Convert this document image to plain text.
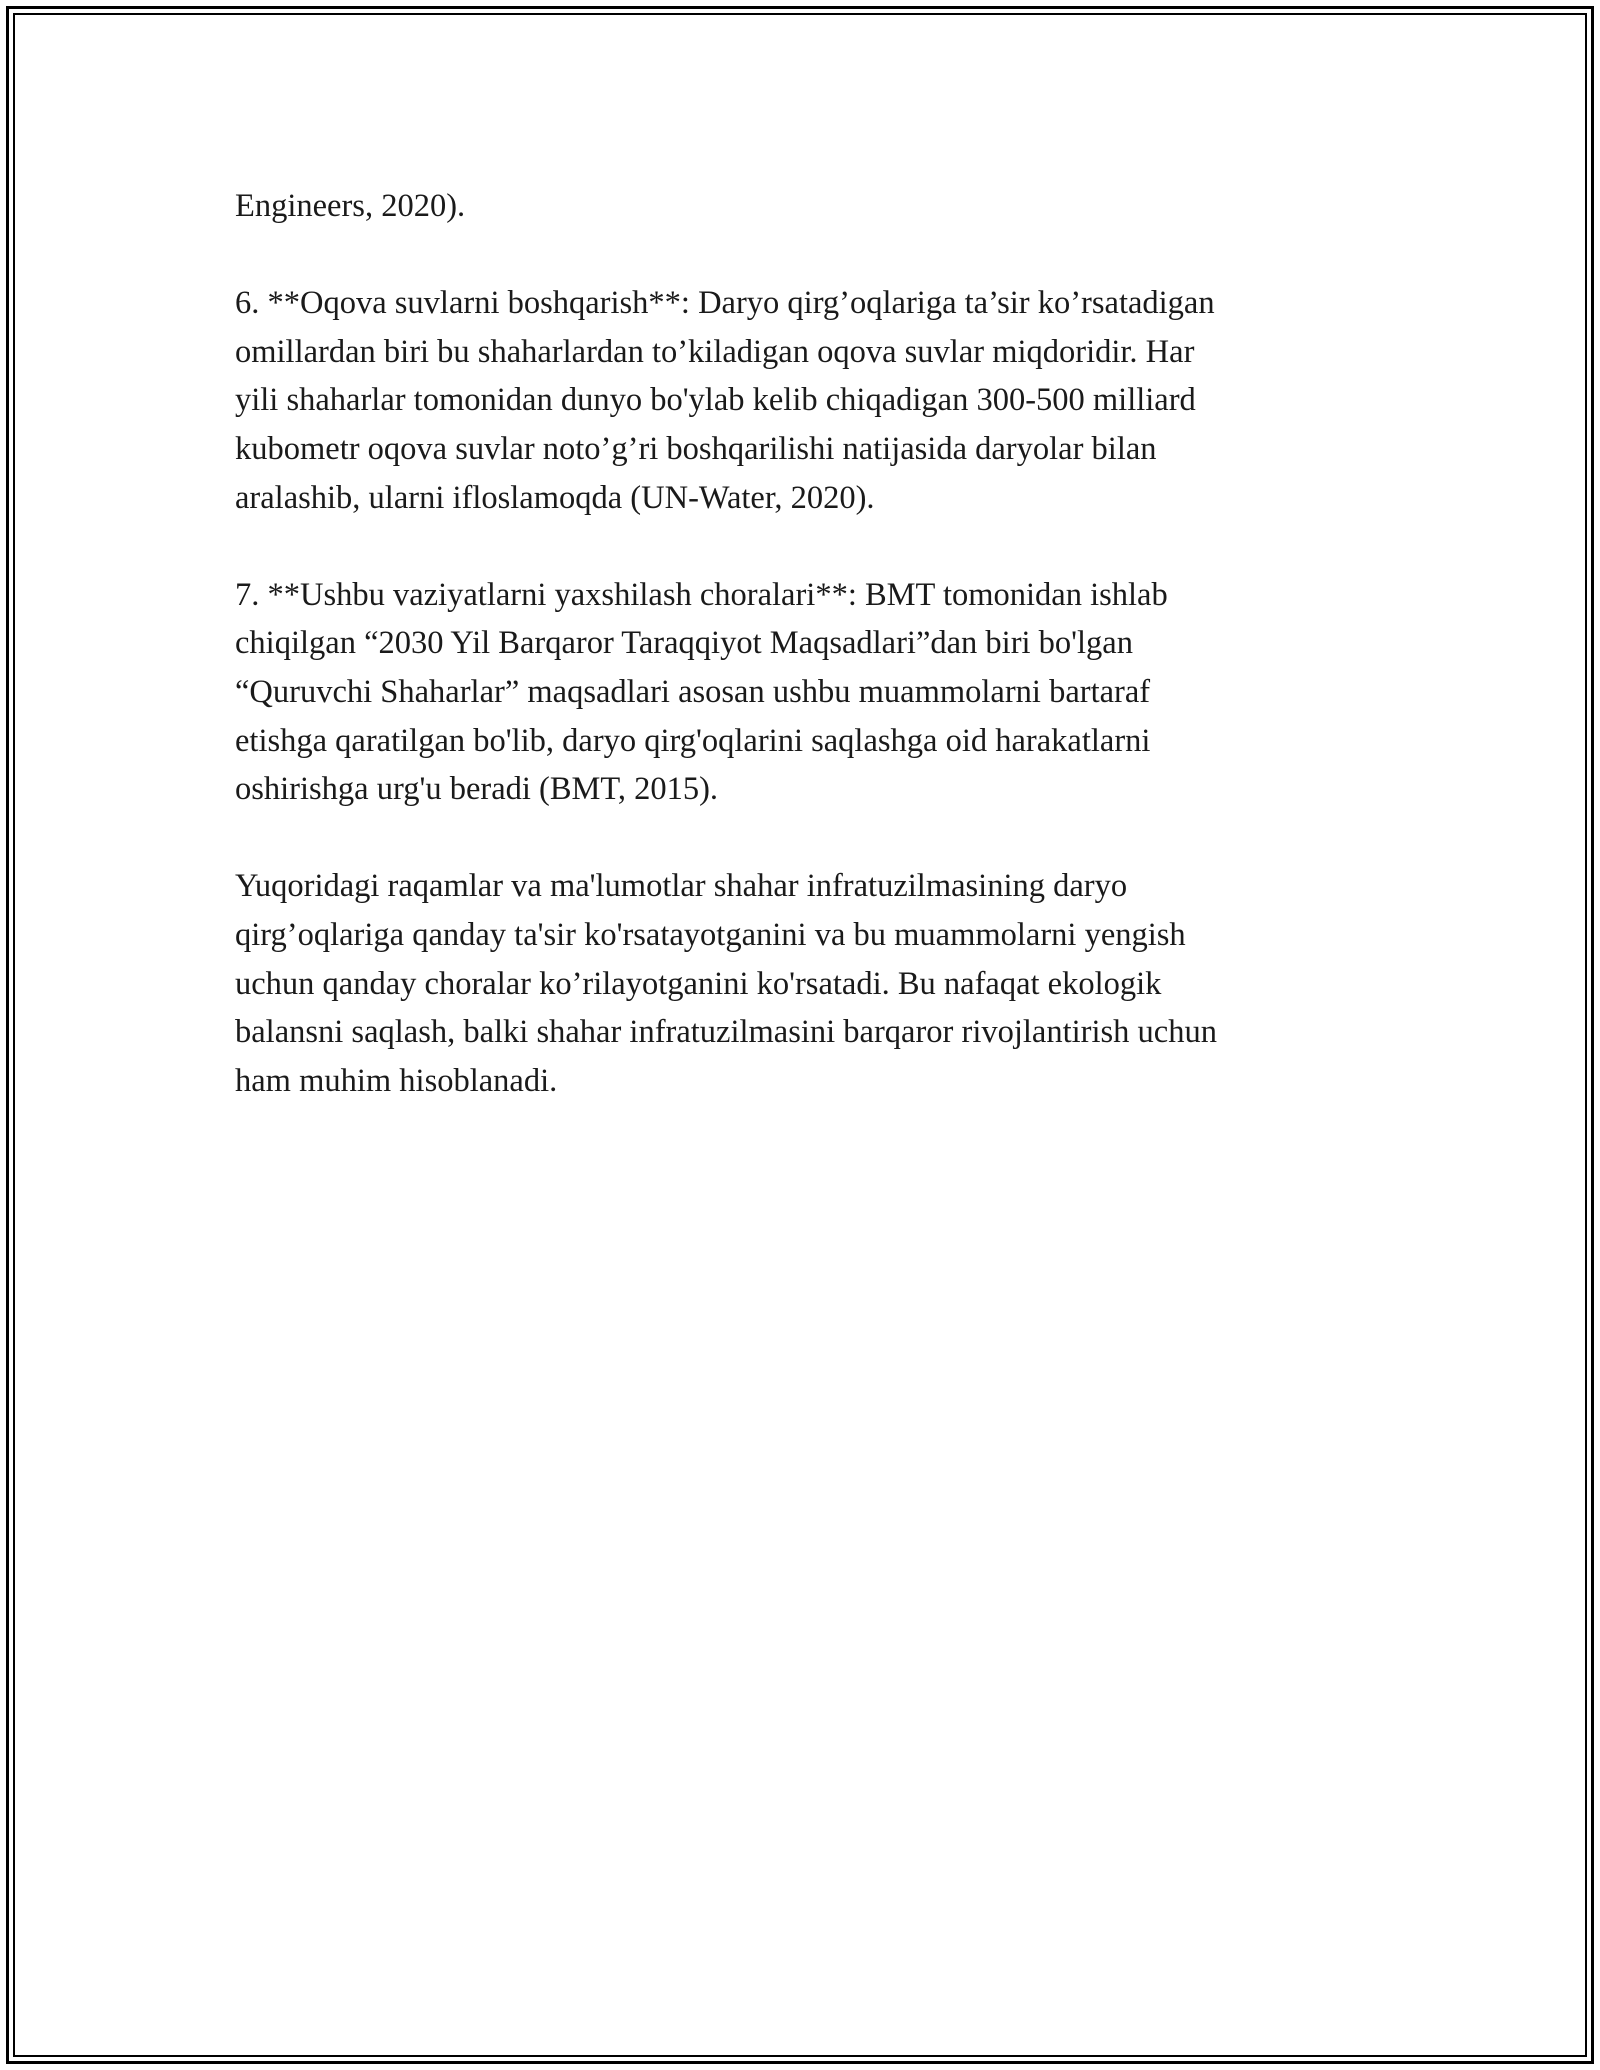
Engineers, 2020).

6. **Oqova suvlarni boshqarish**: Daryo qirg’oqlariga ta’sir ko’rsatadigan
omillardan biri bu shaharlardan to’kiladigan oqova suvlar miqdoridir. Har
yili shaharlar tomonidan dunyo bo'ylab kelib chiqadigan 300-500 milliard
kubometr oqova suvlar noto’g’ri boshqarilishi natijasida daryolar bilan
aralashib, ularni ifloslamoqda (UN-Water, 2020).

7. **Ushbu vaziyatlarni yaxshilash choralari**: BMT tomonidan ishlab
chiqilgan “2030 Yil Barqaror Taraqqiyot Maqsadlari”dan biri bo'lgan
“Quruvchi Shaharlar” maqsadlari asosan ushbu muammolarni bartaraf
etishga qaratilgan bo'lib, daryo qirg'oqlarini saqlashga oid harakatlarni
oshirishga urg'u beradi (BMT, 2015).

Yuqoridagi raqamlar va ma'lumotlar shahar infratuzilmasining daryo
qirg’oqlariga qanday ta'sir ko'rsatayotganini va bu muammolarni yengish
uchun qanday choralar ko’rilayotganini ko'rsatadi. Bu nafaqat ekologik
balansni saqlash, balki shahar infratuzilmasini barqaror rivojlantirish uchun
ham muhim hisoblanadi.
